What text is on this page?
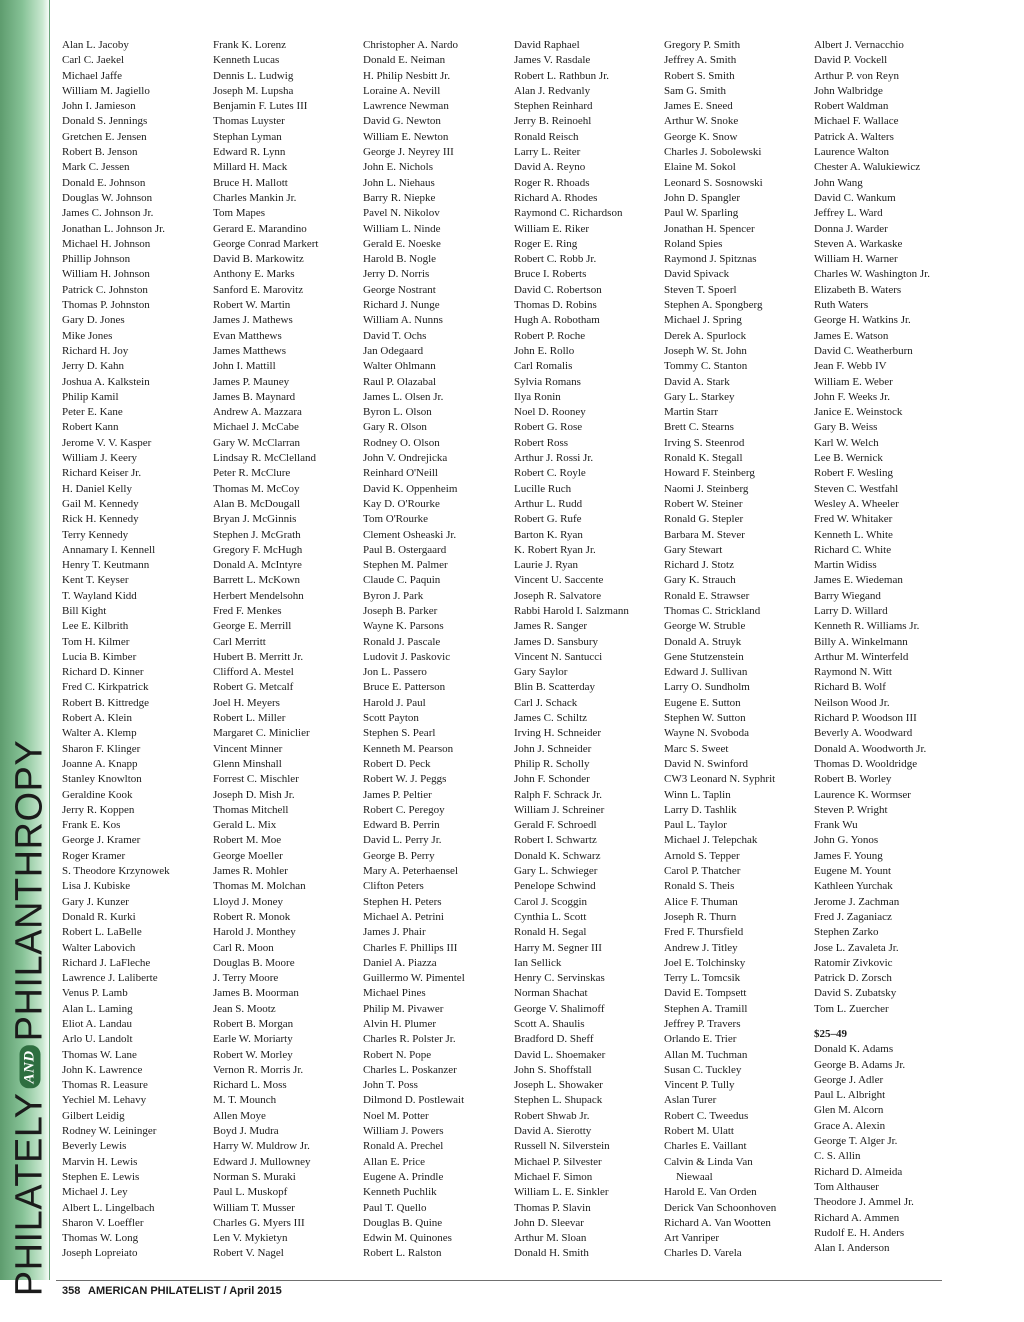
PHILATELY
AND
PHILANTHROPY
Alan L. Jacoby
Carl C. Jaekel
Michael Jaffe
William M. Jagiello
John I. Jamieson
Donald S. Jennings
Gretchen E. Jensen
Robert B. Jenson
Mark C. Jessen
Donald E. Johnson
Douglas W. Johnson
James C. Johnson Jr.
Jonathan L. Johnson Jr.
Michael H. Johnson
Phillip Johnson
William H. Johnson
Patrick C. Johnston
Thomas P. Johnston
Gary D. Jones
Mike Jones
Richard H. Joy
Jerry D. Kahn
Joshua A. Kalkstein
Philip Kamil
Peter E. Kane
Robert Kann
Jerome V. V. Kasper
William J. Keery
Richard Keiser Jr.
H. Daniel Kelly
Gail M. Kennedy
Rick H. Kennedy
Terry Kennedy
Annamary I. Kennell
Henry T. Keutmann
Kent T. Keyser
T. Wayland Kidd
Bill Kight
Lee E. Kilbrith
Tom H. Kilmer
Lucia B. Kimber
Richard D. Kinner
Fred C. Kirkpatrick
Robert B. Kittredge
Robert A. Klein
Walter A. Klemp
Sharon F. Klinger
Joanne A. Knapp
Stanley Knowlton
Geraldine Kook
Jerry R. Koppen
Frank E. Kos
George J. Kramer
Roger Kramer
S. Theodore Krzynowek
Lisa J. Kubiske
Gary J. Kunzer
Donald R. Kurki
Robert L. LaBelle
Walter Labovich
Richard J. LaFleche
Lawrence J. Laliberte
Venus P. Lamb
Alan L. Laming
Eliot A. Landau
Arlo U. Landolt
Thomas W. Lane
John K. Lawrence
Thomas R. Leasure
Yechiel M. Lehavy
Gilbert Leidig
Rodney W. Leininger
Beverly Lewis
Marvin H. Lewis
Stephen E. Lewis
Michael J. Ley
Albert L. Lingelbach
Sharon V. Loeffler
Thomas W. Long
Joseph Lopreiato
Frank K. Lorenz
Kenneth Lucas
Dennis L. Ludwig
Joseph M. Lupsha
Benjamin F. Lutes III
Thomas Luyster
Stephan Lyman
Edward R. Lynn
Millard H. Mack
Bruce H. Mallott
Charles Mankin Jr.
Tom Mapes
Gerard E. Marandino
George Conrad Markert
David B. Markowitz
Anthony E. Marks
Sanford E. Marovitz
Robert W. Martin
James J. Mathews
Evan Matthews
James Matthews
John I. Mattill
James P. Mauney
James B. Maynard
Andrew A. Mazzara
Michael J. McCabe
Gary W. McClarran
Lindsay R. McClelland
Peter R. McClure
Thomas M. McCoy
Alan B. McDougall
Bryan J. McGinnis
Stephen J. McGrath
Gregory F. McHugh
Donald A. McIntyre
Barrett L. McKown
Herbert Mendelsohn
Fred F. Menkes
George E. Merrill
Carl Merritt
Hubert B. Merritt Jr.
Clifford A. Mestel
Robert G. Metcalf
Joel H. Meyers
Robert L. Miller
Margaret C. Miniclier
Vincent Minner
Glenn Minshall
Forrest C. Mischler
Joseph D. Mish Jr.
Thomas Mitchell
Gerald L. Mix
Robert M. Moe
George Moeller
James R. Mohler
Thomas M. Molchan
Lloyd J. Money
Robert R. Monok
Harold J. Monthey
Carl R. Moon
Douglas B. Moore
J. Terry Moore
James B. Moorman
Jean S. Mootz
Robert B. Morgan
Earle W. Moriarty
Robert W. Morley
Vernon R. Morris Jr.
Richard L. Moss
M. T. Mounch
Allen Moye
Boyd J. Mudra
Harry W. Muldrow Jr.
Edward J. Mullowney
Norman S. Muraki
Paul L. Muskopf
William T. Musser
Charles G. Myers III
Len V. Mykietyn
Robert V. Nagel
Christopher A. Nardo
Donald E. Neiman
H. Philip Nesbitt Jr.
Loraine A. Nevill
Lawrence Newman
David G. Newton
William E. Newton
George J. Neyrey III
John E. Nichols
John L. Niehaus
Barry R. Niepke
Pavel N. Nikolov
William L. Ninde
Gerald E. Noeske
Harold B. Nogle
Jerry D. Norris
George Nostrant
Richard J. Nunge
William A. Nunns
David T. Ochs
Jan Odegaard
Walter Ohlmann
Raul P. Olazabal
James L. Olsen Jr.
Byron L. Olson
Gary R. Olson
Rodney O. Olson
John V. Ondrejicka
Reinhard O'Neill
David K. Oppenheim
Kay D. O'Rourke
Tom O'Rourke
Clement Osheaski Jr.
Paul B. Ostergaard
Stephen M. Palmer
Claude C. Paquin
Byron J. Park
Joseph B. Parker
Wayne K. Parsons
Ronald J. Pascale
Ludovit J. Paskovic
Jon L. Passero
Bruce E. Patterson
Harold J. Paul
Scott Payton
Stephen S. Pearl
Kenneth M. Pearson
Robert D. Peck
Robert W. J. Peggs
James P. Peltier
Robert C. Peregoy
Edward B. Perrin
David L. Perry Jr.
George B. Perry
Mary A. Peterhaensel
Clifton Peters
Stephen H. Peters
Michael A. Petrini
James J. Phair
Charles F. Phillips III
Daniel A. Piazza
Guillermo W. Pimentel
Michael Pines
Philip M. Pivawer
Alvin H. Plumer
Charles R. Polster Jr.
Robert N. Pope
Charles L. Poskanzer
John T. Poss
Dilmond D. Postlewait
Noel M. Potter
William J. Powers
Ronald A. Prechel
Allan E. Price
Eugene A. Prindle
Kenneth Puchlik
Paul T. Quello
Douglas B. Quine
Edwin M. Quinones
Robert L. Ralston
David Raphael
James V. Rasdale
Robert L. Rathbun Jr.
Alan J. Redvanly
Stephen Reinhard
Jerry B. Reinoehl
Ronald Reisch
Larry L. Reiter
David A. Reyno
Roger R. Rhoads
Richard A. Rhodes
Raymond C. Richardson
William E. Riker
Roger E. Ring
Robert C. Robb Jr.
Bruce I. Roberts
David C. Robertson
Thomas D. Robins
Hugh A. Robotham
Robert P. Roche
John E. Rollo
Carl Romalis
Sylvia Romans
Ilya Ronin
Noel D. Rooney
Robert G. Rose
Robert Ross
Arthur J. Rossi Jr.
Robert C. Royle
Lucille Ruch
Arthur L. Rudd
Robert G. Rufe
Barton K. Ryan
K. Robert Ryan Jr.
Laurie J. Ryan
Vincent U. Saccente
Joseph R. Salvatore
Rabbi Harold I. Salzmann
James R. Sanger
James D. Sansbury
Vincent N. Santucci
Gary Saylor
Blin B. Scatterday
Carl J. Schack
James C. Schiltz
Irving H. Schneider
John J. Schneider
Philip R. Scholly
John F. Schonder
Ralph F. Schrack Jr.
William J. Schreiner
Gerald F. Schroedl
Robert I. Schwartz
Donald K. Schwarz
Gary L. Schwieger
Penelope Schwind
Carol J. Scoggin
Cynthia L. Scott
Ronald H. Segal
Harry M. Segner III
Ian Sellick
Henry C. Servinskas
Norman Shachat
George V. Shalimoff
Scott A. Shaulis
Bradford D. Sheff
David L. Shoemaker
John S. Shoffstall
Joseph L. Showaker
Stephen L. Shupack
Robert Shwab Jr.
David A. Sierotty
Russell N. Silverstein
Michael P. Silvester
Michael F. Simon
William L. E. Sinkler
Thomas P. Slavin
John D. Sleevar
Arthur M. Sloan
Donald H. Smith
Gregory P. Smith
Jeffrey A. Smith
Robert S. Smith
Sam G. Smith
James E. Sneed
Arthur W. Snoke
George K. Snow
Charles J. Sobolewski
Elaine M. Sokol
Leonard S. Sosnowski
John D. Spangler
Paul W. Sparling
Jonathan H. Spencer
Roland Spies
Raymond J. Spitznas
David Spivack
Steven T. Spoerl
Stephen A. Spongberg
Michael J. Spring
Derek A. Spurlock
Joseph W. St. John
Tommy C. Stanton
David A. Stark
Gary L. Starkey
Martin Starr
Brett C. Stearns
Irving S. Steenrod
Ronald K. Stegall
Howard F. Steinberg
Naomi J. Steinberg
Robert W. Steiner
Ronald G. Stepler
Barbara M. Stever
Gary Stewart
Richard J. Stotz
Gary K. Strauch
Ronald E. Strawser
Thomas C. Strickland
George W. Struble
Donald A. Struyk
Gene Stutzenstein
Edward J. Sullivan
Larry O. Sundholm
Eugene E. Sutton
Stephen W. Sutton
Wayne N. Svoboda
Marc S. Sweet
David N. Swinford
CW3 Leonard N. Syphrit
Winn L. Taplin
Larry D. Tashlik
Paul L. Taylor
Michael J. Telepchak
Arnold S. Tepper
Carol P. Thatcher
Ronald S. Theis
Alice F. Thuman
Joseph R. Thurn
Fred F. Thursfield
Andrew J. Titley
Joel E. Tolchinsky
Terry L. Tomcsik
David E. Tompsett
Stephen A. Tramill
Jeffrey P. Travers
Orlando E. Trier
Allan M. Tuchman
Susan C. Tuckley
Vincent P. Tully
Aslan Turer
Robert C. Tweedus
Robert M. Ulatt
Charles E. Vaillant
Calvin & Linda Van
Niewaal
Harold E. Van Orden
Derick Van Schoonhoven
Richard A. Van Wootten
Art Vanriper
Charles D. Varela
Albert J. Vernacchio
David P. Vockell
Arthur P. von Reyn
John Walbridge
Robert Waldman
Michael F. Wallace
Patrick A. Walters
Laurence Walton
Chester A. Walukiewicz
John Wang
David C. Wankum
Jeffrey L. Ward
Donna J. Warder
Steven A. Warkaske
William H. Warner
Charles W. Washington Jr.
Elizabeth B. Waters
Ruth Waters
George H. Watkins Jr.
James E. Watson
David C. Weatherburn
Jean F. Webb IV
William E. Weber
John F. Weeks Jr.
Janice E. Weinstock
Gary B. Weiss
Karl W. Welch
Lee B. Wernick
Robert F. Wesling
Steven C. Westfahl
Wesley A. Wheeler
Fred W. Whitaker
Kenneth L. White
Richard C. White
Martin Widiss
James E. Wiedeman
Barry Wiegand
Larry D. Willard
Kenneth R. Williams Jr.
Billy A. Winkelmann
Arthur M. Winterfeld
Raymond N. Witt
Richard B. Wolf
Neilson Wood Jr.
Richard P. Woodson III
Beverly A. Woodward
Donald A. Woodworth Jr.
Thomas D. Wooldridge
Robert B. Worley
Laurence K. Wormser
Steven P. Wright
Frank Wu
John G. Yonos
James F. Young
Eugene M. Yount
Kathleen Yurchak
Jerome J. Zachman
Fred J. Zaganiacz
Stephen Zarko
Jose L. Zavaleta Jr.
Ratomir Zivkovic
Patrick D. Zorsch
David S. Zubatsky
Tom L. Zuercher
$25–49
Donald K. Adams
George B. Adams Jr.
George J. Adler
Paul L. Albright
Glen M. Alcorn
Grace A. Alexin
George T. Alger Jr.
C. S. Allin
Richard D. Almeida
Tom Althauser
Theodore J. Ammel Jr.
Richard A. Ammen
Rudolf E. H. Anders
Alan I. Anderson
358 AMERICAN PHILATELIST / April 2015
